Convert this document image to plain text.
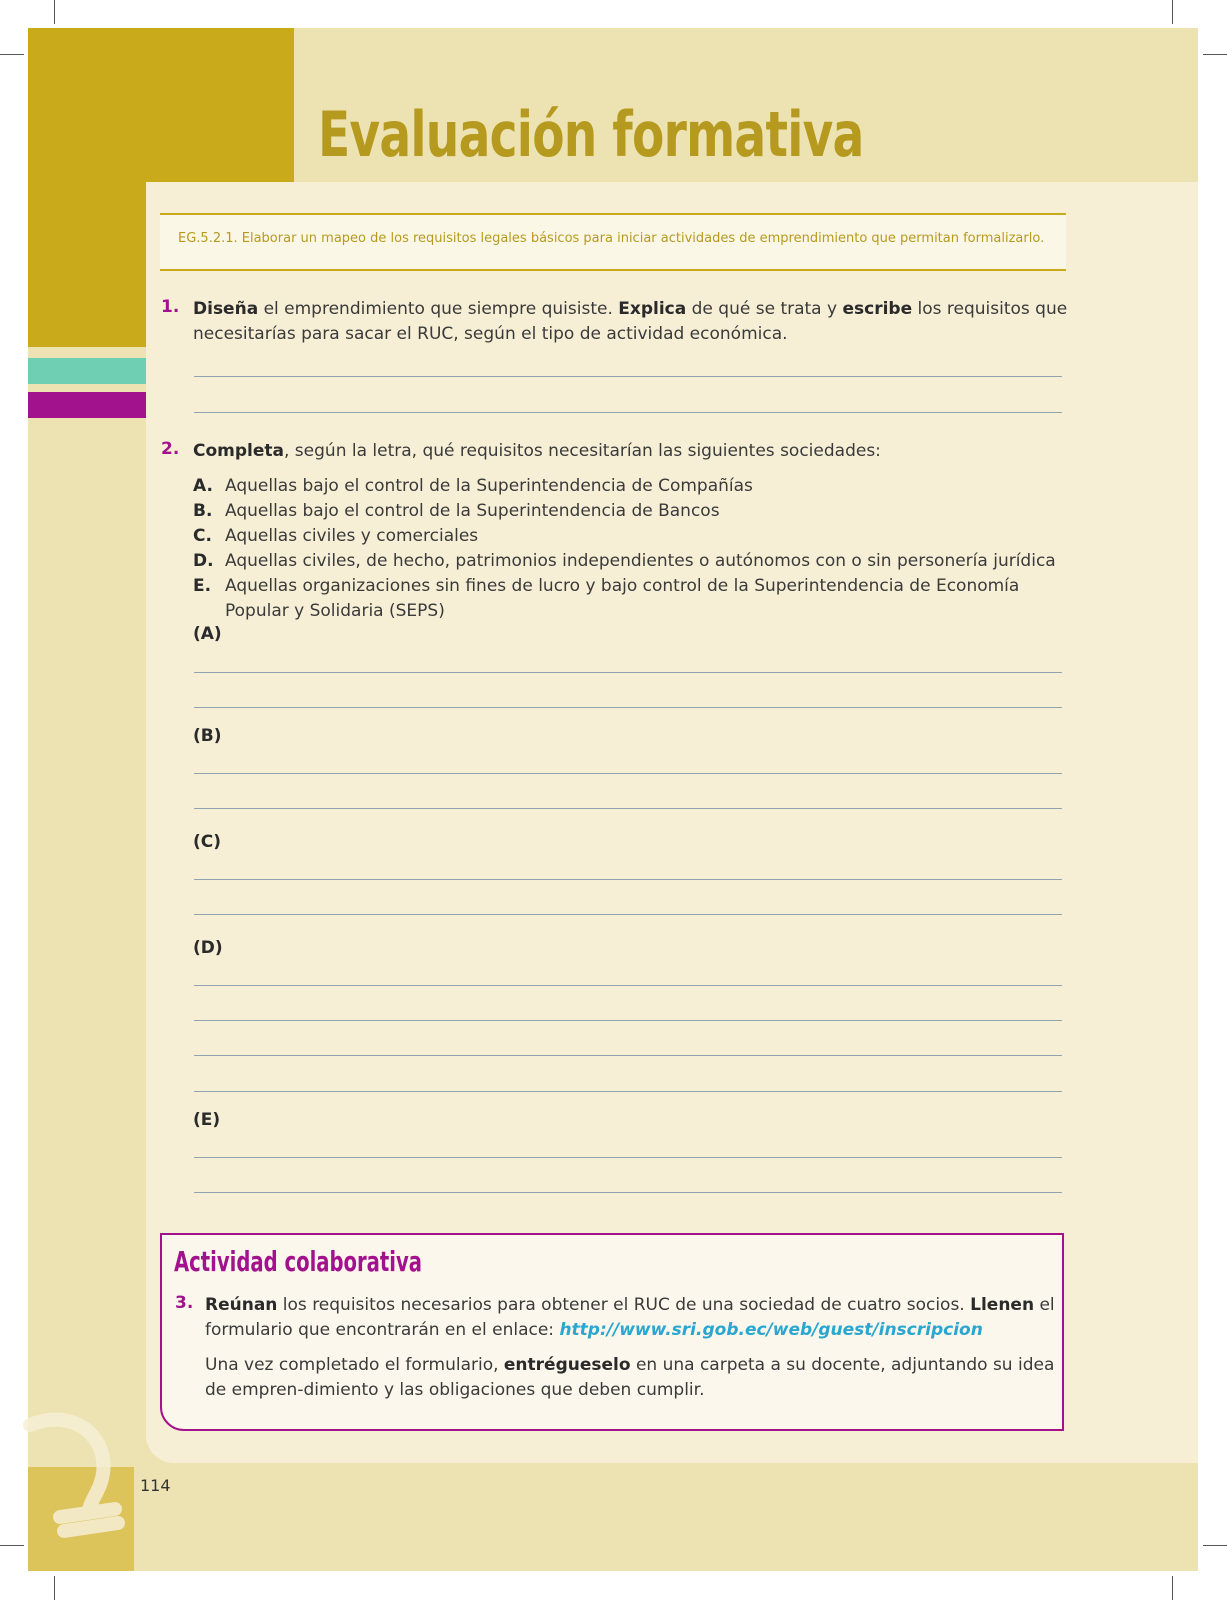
Evaluación formativa
EG.5.2.1. Elaborar un mapeo de los requisitos legales básicos para iniciar actividades de emprendimiento que permitan formalizarlo.
1. Diseña el emprendimiento que siempre quisiste. Explica de qué se trata y escribe los requisitos que necesitarías para sacar el RUC, según el tipo de actividad económica.
2. Completa, según la letra, qué requisitos necesitarían las siguientes sociedades:
A. Aquellas bajo el control de la Superintendencia de Compañías
B. Aquellas bajo el control de la Superintendencia de Bancos
C. Aquellas civiles y comerciales
D. Aquellas civiles, de hecho, patrimonios independientes o autónomos con o sin personería jurídica
E. Aquellas organizaciones sin fines de lucro y bajo control de la Superintendencia de Economía Popular y Solidaria (SEPS)
(A)
(B)
(C)
(D)
(E)
Actividad colaborativa
3. Reúnan los requisitos necesarios para obtener el RUC de una sociedad de cuatro socios. Llenen el formulario que encontrarán en el enlace: http://www.sri.gob.ec/web/guest/inscripcion
Una vez completado el formulario, entrégueselo en una carpeta a su docente, adjuntando su idea de empren-dimiento y las obligaciones que deben cumplir.
114
